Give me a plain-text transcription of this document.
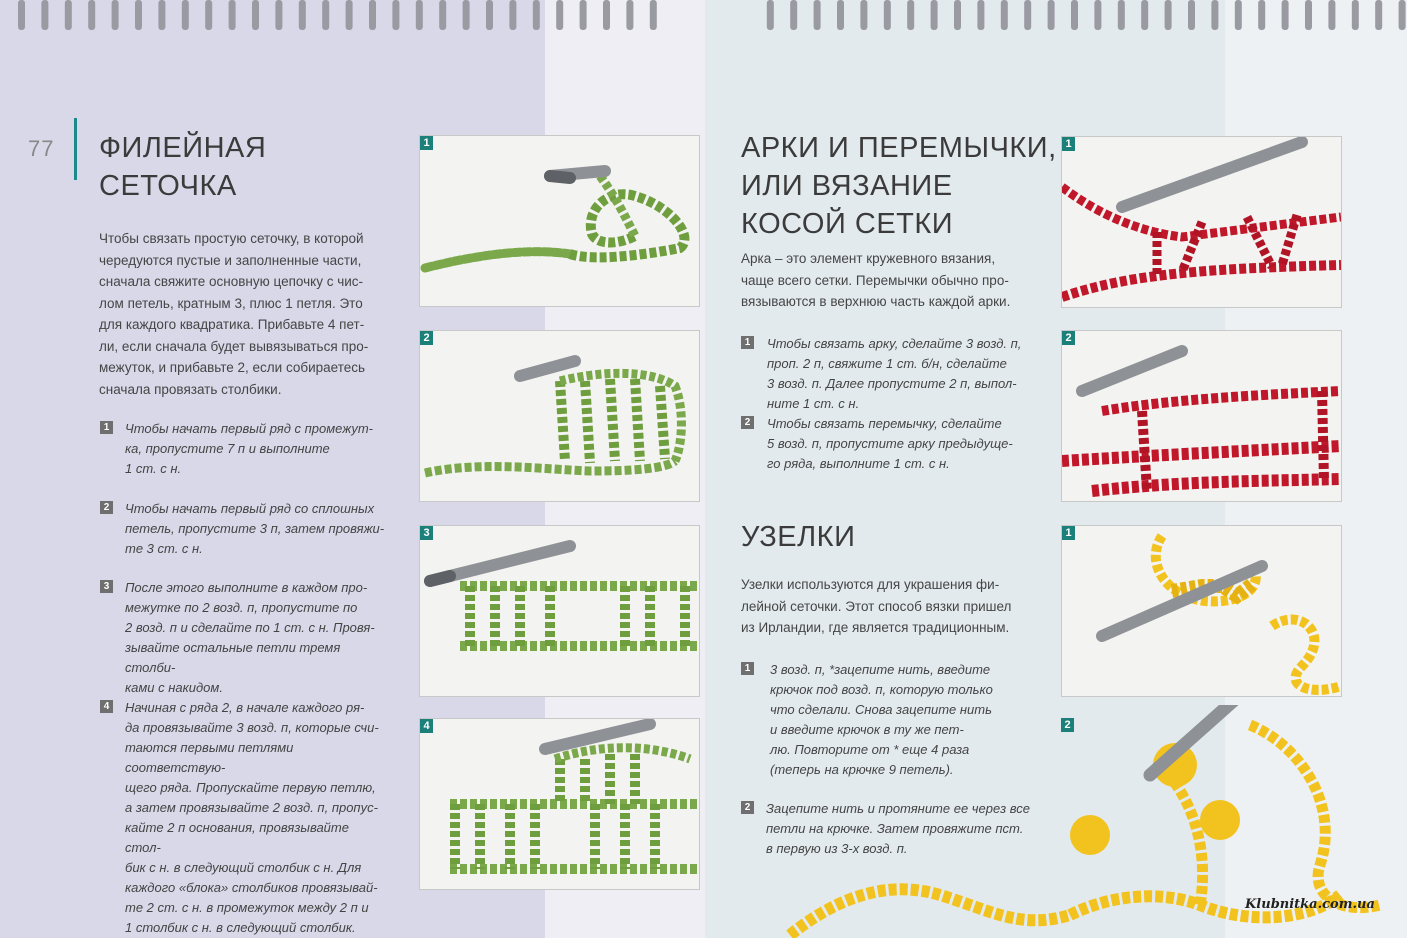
77 ФИЛЕЙНАЯ
СЕТОЧКА
Чтобы связать простую сеточку, в которой
чередуются пустые и заполненные части,
сначала свяжите основную цепочку с чис-
лом петель, кратным 3, плюс 1 петля. Это
для каждого квадратика. Прибавьте 4 пет-
ли, если сначала будет вывязываться про-
межуток, и прибавьте 2, если собираетесь
сначала провязать столбики.
1 Чтобы начать первый ряд с промежут-
ка, пропустите 7 п и выполните
1 ст. с н.
2 Чтобы начать первый ряд со сплошных
петель, пропустите 3 п, затем провяжи-
те 3 ст. с н.
3 После этого выполните в каждом про-
межутке по 2 возд. п, пропустите по
2 возд. п и сделайте по 1 ст. с н. Провя-
зывайте остальные петли тремя столби-
ками с накидом.
4 Начиная с ряда 2, в начале каждого ря-
да провязывайте 3 возд. п, которые счи-
таются первыми петлями соответствую-
щего ряда. Пропускайте первую петлю,
а затем провязывайте 2 возд. п, пропус-
кайте 2 п основания, провязывайте стол-
бик с н. в следующий столбик с н. Для
каждого «блока» столбиков провязывай-
те 2 ст. с н. в промежуток между 2 п и
1 столбик с н. в следующий столбик.
1
2
3
4
АРКИ И ПЕРЕМЫЧКИ,
ИЛИ ВЯЗАНИЕ
КОСОЙ СЕТКИ
Арка – это элемент кружевного вязания,
чаще всего сетки. Перемычки обычно про-
вязываются в верхнюю часть каждой арки.
1 Чтобы связать арку, сделайте 3 возд. п,
проп. 2 п, свяжите 1 ст. б/н, сделайте
3 возд. п. Далее пропустите 2 п, выпол-
ните 1 ст. с н.
2 Чтобы связать перемычку, сделайте
5 возд. п, пропустите арку предыдуще-
го ряда, выполните 1 ст. с н.
УЗЕЛКИ
Узелки используются для украшения фи-
лейной сеточки. Этот способ вязки пришел
из Ирландии, где является традиционным.
1 3 возд. п, *зацепите нить, введите
крючок под возд. п, которую только
что сделали. Снова зацепите нить
и введите крючок в ту же пет-
лю. Повторите от * еще 4 раза
(теперь на крючке 9 петель).
2 Зацепите нить и протяните ее через все
петли на крючке. Затем провяжите пст.
в первую из 3-х возд. п.
1
2
1
2
Klubnitka.com.ua
